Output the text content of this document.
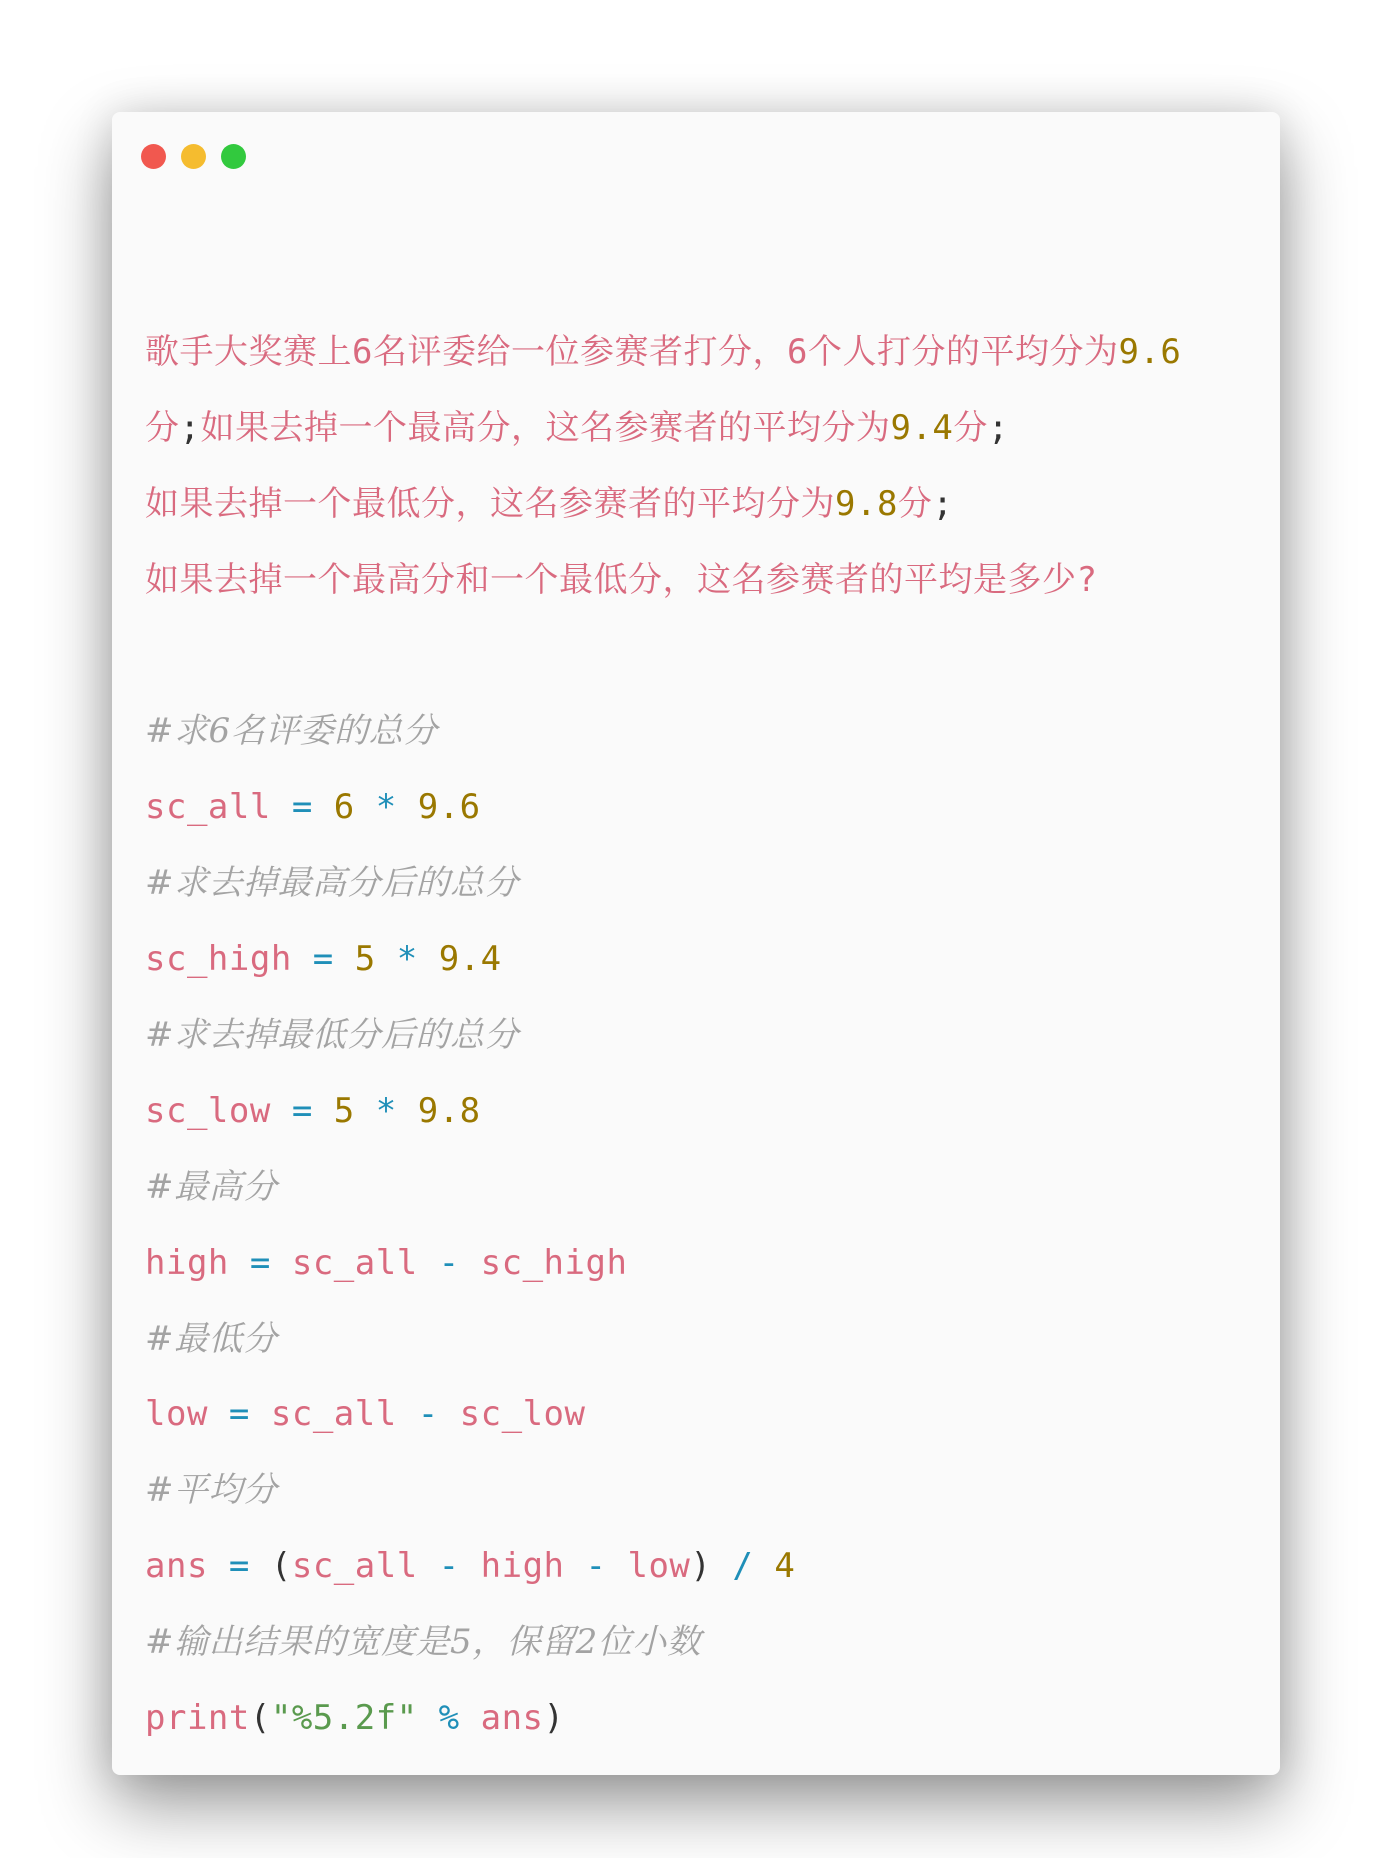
歌手大奖赛上6名评委给一位参赛者打分，6个人打分的平均分为9.6

分;如果去掉一个最高分，这名参赛者的平均分为9.4分;

如果去掉一个最低分，这名参赛者的平均分为9.8分;

如果去掉一个最高分和一个最低分，这名参赛者的平均是多少?

#求6名评委的总分

sc_all = 6 * 9.6

#求去掉最高分后的总分

sc_high = 5 * 9.4

#求去掉最低分后的总分

sc_low = 5 * 9.8

#最高分

high = sc_all - sc_high

#最低分

low = sc_all - sc_low

#平均分

ans = (sc_all - high - low) / 4

#输出结果的宽度是5，保留2位小数

print("%5.2f" % ans)
